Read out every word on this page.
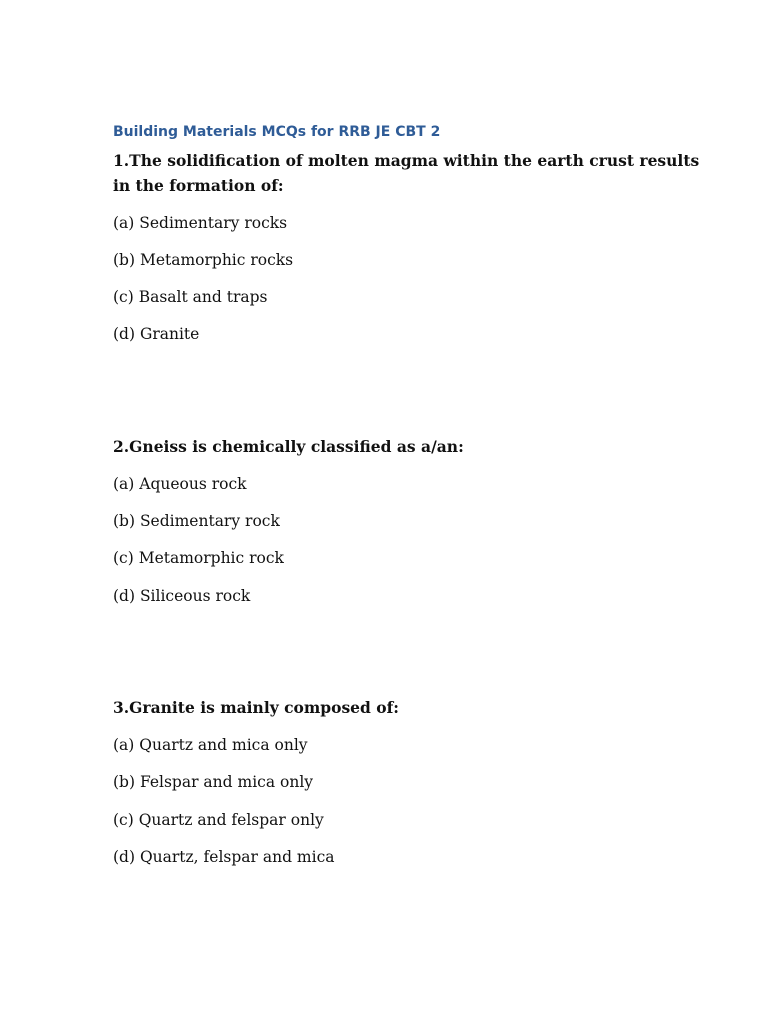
Building Materials MCQs for RRB JE CBT 2
1.The solidification of molten magma within the earth crust results
in the formation of:
(a) Sedimentary rocks
(b) Metamorphic rocks
(c) Basalt and traps
(d) Granite
2.Gneiss is chemically classified as a/an:
(a) Aqueous rock
(b) Sedimentary rock
(c) Metamorphic rock
(d) Siliceous rock
3.Granite is mainly composed of:
(a) Quartz and mica only
(b) Felspar and mica only
(c) Quartz and felspar only
(d) Quartz, felspar and mica
